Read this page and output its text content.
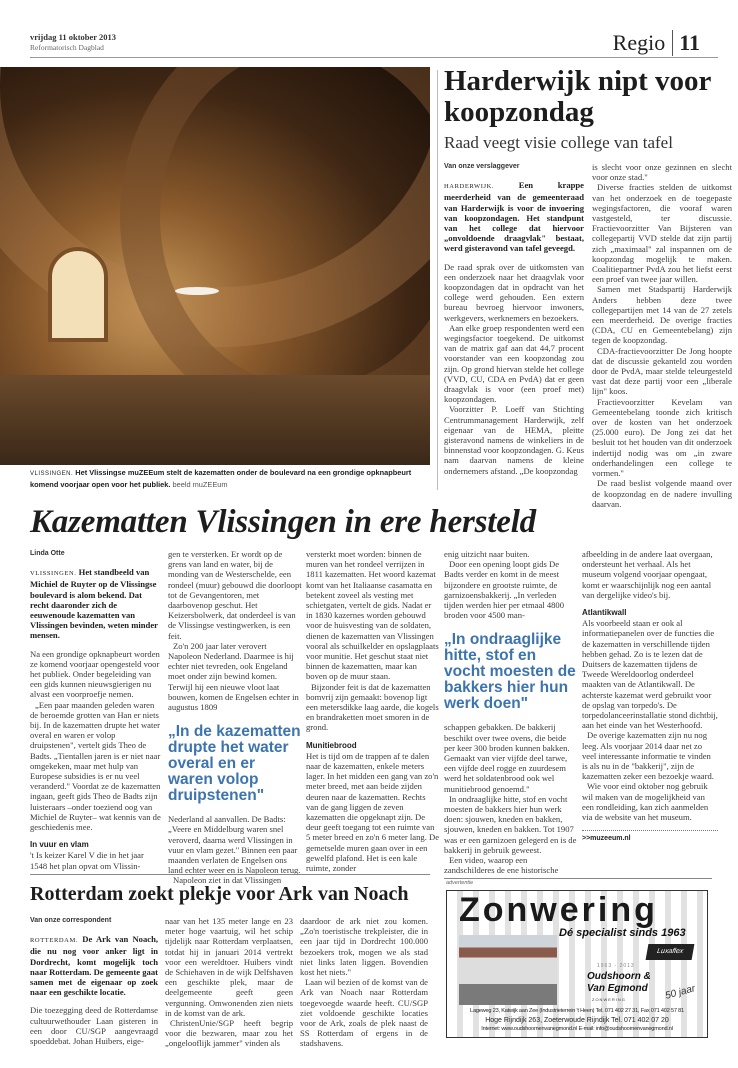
vrijdag 11 oktober 2013
Reformatorisch Dagblad	Regio 11
VLISSINGEN. Het Vlissingse muZEEum stelt de kazematten onder de boulevard na een grondige opknapbeurt komend voorjaar open voor het publiek. beeld muZEEum
Harderwijk nipt voor koopzondag
Raad veegt visie college van tafel
Van onze verslaggever

HARDERWIJK.	Een krappe meerderheid van de gemeenteraad van Harderwijk is voor de invoering van koopzondagen. Het standpunt van het college dat hiervoor „onvoldoende draagvlak" bestaat, werd gisteravond van tafel geveegd.

De raad sprak over de uitkomsten van een onderzoek naar het draagvlak voor koopzondagen dat in opdracht van het college werd gehouden. Een extern bureau bevroeg hiervoor inwoners, werkgevers, werknemers en bezoekers.

Aan elke groep respondenten werd een wegingsfactor toegekend. De uitkomst van de matrix gaf aan dat 44,7 procent voorstander van een koopzondag zou zijn. Op grond hiervan stelde het college (VVD, CU, CDA en PvdA) dat er geen draagvlak is voor (een proef met) koopzondagen.

Voorzitter P. Loeff van Stichting Centrummanagement Harderwijk, zelf eigenaar van de HEMA, pleitte gisteravond namens de winkeliers in de binnenstad voor koopzondagen. G. Keus nam daarvan namens de kleine ondernemers afstand. „De koopzondag

is slecht voor onze gezinnen en slecht voor onze stad."

Diverse fracties stelden de uitkomst van het onderzoek en de toegepaste wegingsfactoren, die vooraf waren vastgesteld, ter discussie. Fractievoorzitter Van Bijsteren van collegepartij VVD stelde dat zijn partij zich „maximaal" zal inspannen om de koopzondag mogelijk te maken. Coalitiepartner PvdA zou het liefst eerst een proef van twee jaar willen.

Samen met Stadspartij Harderwijk Anders hebben deze twee collegepartijen met 14 van de 27 zetels een meerderheid. De overige fracties (CDA, CU en Gemeentebelang) zijn tegen de koopzondag.

CDA-fractievoorzitter De Jong hoopte dat de discussie gekanteld zou worden door de PvdA, maar stelde teleurgesteld vast dat deze partij voor een „liberale lijn" koos.

Fractievoorzitter Kevelam van Gemeentebelang toonde zich kritisch over de kosten van het onderzoek (25.000 euro). De Jong zei dat het besluit tot het houden van dit onderzoek indertijd nodig was om „in zware onderhandelingen een college te vormen."

De raad beslist volgende maand over de koopzondag en de nadere invulling daarvan.

Kazematten Vlissingen in ere hersteld
Linda Otte

VLISSINGEN. Het standbeeld van Michiel de Ruyter op de Vlissingse boulevard is alom bekend. Dat recht daaronder zich de eeuwenoude kazematten van Vlissingen bevinden, weten minder mensen.

Na een grondige opknapbeurt worden ze komend voorjaar opengesteld voor het publiek. Onder begeleiding van een gids kunnen nieuwsgierigen nu alvast een voorproefje nemen.

„Een paar maanden geleden waren de beroemde grotten van Han er niets bij. In de kazematten drupte het water overal en waren er volop druipstenen", vertelt gids Theo de Badts. „Tientallen jaren is er niet naar omgekeken, maar met hulp van Europese subsidies is er nu veel veranderd." Voordat ze de kazematten ingaan, geeft gids Theo de Badts zijn luisteraars –onder toeziend oog van Michiel de Ruyter– wat kennis van de geschiedenis mee.

In vuur en vlam

't Is keizer Karel V die in het jaar 1548 het plan opvat om Vlissin-

gen te versterken. Er wordt op de grens van land en water, bij de monding van de Westerschelde, een rondeel (muur) gebouwd die doorloopt tot de Gevangentoren, met daarbovenop geschut. Het Keizersbolwerk, dat onderdeel is van de Vlissingse vestingwerken, is een feit.

Zo'n 200 jaar later verovert Napoleon Nederland. Daarmee is hij echter niet tevreden, ook Engeland moet onder zijn bewind komen. Terwijl hij een nieuwe vloot laat bouwen, komen de Engelsen echter in augustus 1809

„In de kazematten drupte het water overal en er waren volop druipstenen"

Nederland al aanvallen. De Badts: „Veere en Middelburg waren snel veroverd, daarna werd Vlissingen in vuur en vlam gezet." Binnen een paar maanden verlaten de Engelsen ons land echter weer en is Napoleon terug.

Napoleon ziet in dat Vlissingen

versterkt moet worden: binnen de muren van het rondeel verrijzen in 1811 kazematten. Het woord kazemat komt van het Italiaanse casamatta en betekent zoveel als vesting met schietgaten, vertelt de gids. Nadat er in 1830 kazernes worden gebouwd voor de huisvesting van de soldaten, dienen de kazematten van Vlissingen vooral als schuilkelder en opslagplaats voor munitie. Het geschut staat niet binnen de kazematten, maar kan boven op de muur staan.

Bijzonder feit is dat de kazematten bomvrij zijn gemaakt: bovenop ligt een metersdikke laag aarde, die kogels en brandraketten moet smoren in de grond.

Munitiebrood

Het is tijd om de trappen af te dalen naar de kazematten, enkele meters lager. In het midden een gang van zo'n meter breed, met aan beide zijden deuren naar de kazematten. Rechts van de gang liggen de zeven kazematten die opgeknapt zijn. De deur geeft toegang tot een ruimte van 5 meter breed en zo'n 6 meter lang. De gemetselde muren gaan over in een gewelfd plafond. Het is een kale ruimte, zonder

enig uitzicht naar buiten.

Door een opening loopt gids De Badts verder en komt in de meest bijzondere en grootste ruimte, de garnizoensbakkerij. „In verleden tijden werden hier per etmaal 4800 broden voor 4500 man-

„In ondraaglijke hitte, stof en vocht moesten de bakkers hier hun werk doen"

schappen gebakken. De bakkerij beschikt over twee ovens, die beide per keer 300 broden kunnen bakken. Gemaakt van vier vijfde deel tarwe, een vijfde deel rogge en zuurdesem werd het soldatenbrood ook wel munitiebrood genoemd."

In ondraaglijke hitte, stof en vocht moesten de bakkers hier hun werk doen: sjouwen, kneden en bakken, sjouwen, kneden en bakken. Tot 1907 was er een garnizoen gelegerd en is de bakkerij in gebruik geweest.

Een video, waarop een zandschilderes de ene historische

afbeelding in de andere laat overgaan, ondersteunt het verhaal. Als het museum volgend voorjaar opengaat, komt er waarschijnlijk nog een aantal van dergelijke video's bij.

Atlantikwall

Als voorbeeld staan er ook al informatiepanelen over de functies die de kazematten in verschillende tijden hebben gehad. Zo is te lezen dat de Duitsers de kazematten tijdens de Tweede Wereldoorlog onderdeel maakten van de Atlantikwall. De achterste kazemat werd gebruikt voor de opslag van torpedo's. De torpedolanceerinstallatie stond dichtbij, aan het einde van het Westerhoofd.

De overige kazematten zijn nu nog leeg. Als voorjaar 2014 daar net zo veel interessante informatie te vinden is als nu in de "bakkerij", zijn de kazematten zeker een bezoekje waard.

Wie voor eind oktober nog gebruik wil maken van de mogelijkheid van een rondleiding, kan zich aanmelden via de website van het museum.

>>muzeeum.nl
Rotterdam zoekt plekje voor Ark van Noach
Van onze correspondent

ROTTERDAM. De Ark van Noach, die nu nog voor anker ligt in Dordrecht, komt mogelijk toch naar Rotterdam. De gemeente gaat samen met de eigenaar op zoek naar een geschikte locatie.

Die toezegging deed de Rotterdamse cultuurwethouder Laan gisteren in een door CU/SGP aangevraagd spoeddebat. Johan Huibers, eige-

naar van het 135 meter lange en 23 meter hoge vaartuig, wil het schip tijdelijk naar Rotterdam verplaatsen, totdat hij in januari 2014 vertrekt voor een wereldtoer. Huibers vindt de Schiehaven in de wijk Delfshaven een geschikte plek, maar de deelgemeente geeft geen vergunning. Omwonenden zien niets in de komst van de ark.

ChristenUnie/SGP heeft begrip voor die bezwaren, maar zou het „ongelooflijk jammer" vinden als

daardoor de ark niet zou komen. „Zo'n toeristische trekpleister, die in een jaar tijd in Dordrecht 100.000 bezoekers trok, mogen we als stad niet links laten liggen. Bovendien kost het niets."

Laan wil bezien of de komst van de Ark van Noach naar Rotterdam toegevoegde waarde heeft. CU/SGP ziet voldoende geschikte locaties voor de Ark, zoals de plek naast de SS Rotterdam of ergens in de stadshavens.

advertentie
Zonwering
Dé specialist sinds 1963
Luxaflex
1963 - 2013
Oudshoorn &
Van Egmond
ZONWERING	50 jaar
Lageweg 23, Katwijk aan Zee (Industrieterrein 't Heen) Tel. 071 402 27 31, Fax 071 402 57 81
Hoge Rijndijk 263, Zoeterwoude Rijndijk Tel. 071 402 07 20
Internet: www.oudshoornenvanegmond.nl E-mail: info@oudshoornenvanegmond.nl
